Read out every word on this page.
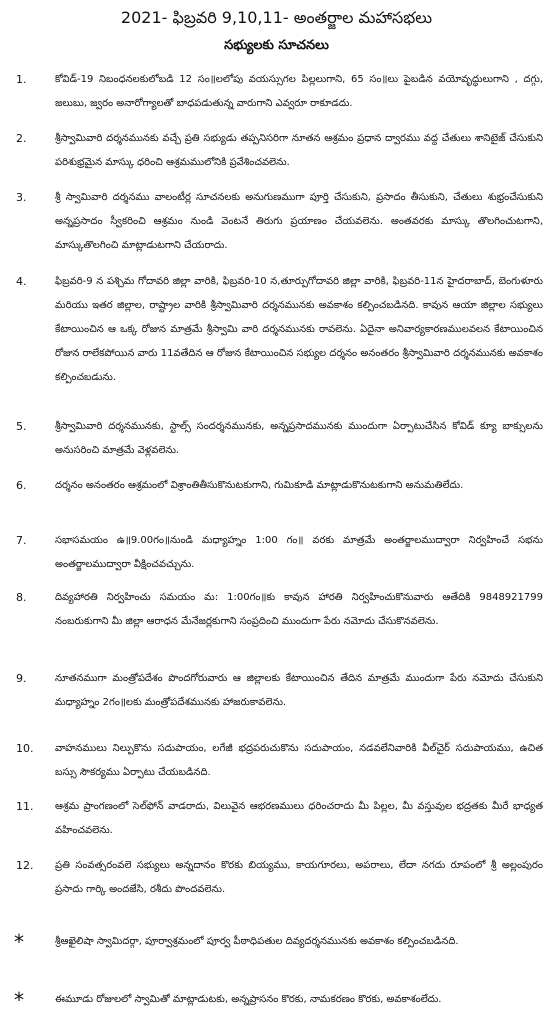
2021- ఫిబ్రవరి 9,10,11- అంతర్జాల మహాసభలు
సభ్యులకు సూచనలు
1.	కోవిడ్-19 నిబంధనలకులోబడి 12 సం॥లలోపు వయస్సుగల పిల్లలుగాని, 65 సం॥లు పైబడిన వయోవృద్ధులుగాని , దగ్గు, జలుబు, జ్వరం అనారోగ్యాలతో బాధపడుతున్న వారుగాని ఎవ్వరూ రాకూడదు.
2.	శ్రీస్వామివారి దర్శనమునకు వచ్చే ప్రతి సభ్యుడు తప్పనిసరిగా నూతన ఆశ్రమం ప్రధాన ద్వారము వద్ద చేతులు శానిటైజ్ చేసుకుని పరిశుభ్రమైన మాస్కు ధరించి ఆశ్రమములోనికి ప్రవేశించవలెను.
3.	శ్రీ స్వామివారి దర్శనము వాలంటీర్ల సూచనలకు అనుగుణముగా పూర్తి చేసుకుని, ప్రసాదం తీసుకుని, చేతులు శుభ్రంచేసుకుని అన్నప్రసాదం స్వీకరించి ఆశ్రమం నుండి వెంటనే తిరుగు ప్రయాణం చేయవలెను. అంతవరకు మాస్కు తొలగించుటగాని, మాస్కుతొలగించి మాట్లాడుటగాని చేయరాదు.
4.	ఫిబ్రవరి-9 న పశ్చిమ గోదావరి జిల్లా వారికి, ఫిబ్రవరి-10 న,తూర్పుగోదావరి జిల్లా వారికి, ఫిబ్రవరి-11న హైదరాబాద్, బెంగుళూరు మరియు ఇతర జిల్లాల, రాష్ట్రాల వారికి శ్రీస్వామివారి దర్శనమునకు అవకాశం కల్పించబడినది. కావున ఆయా జిల్లాల సభ్యులు కేటాయించిన ఆ ఒక్క రోజున మాత్రమే శ్రీస్వామి వారి దర్శనమునకు రావలెను. ఏదైనా అనివార్యకారణములవలన కేటాయించిన రోజున రాలేకపోయిన వారు 11వతేదిన ఆ రోజున కేటాయించిన సభ్యుల దర్శనం అనంతరం శ్రీస్వామివారి దర్శనమునకు అవకాశం కల్పించబడును.
5.	శ్రీస్వామివారి దర్శనమునకు, స్టాల్స్ సందర్శనమునకు, అన్నప్రసాదమునకు ముందుగా ఏర్పాటుచేసిన కోవిడ్ క్యూ బాక్సులను అనుసరించి మాత్రమే వెళ్లవలెను.
6.	దర్శనం అనంతరం ఆశ్రమంలో విశ్రాంతితీసుకొనుటకుగాని, గుమికూడి మాట్లాడుకొనుటకుగాని అనుమతిలేదు.
7.	సభాసమయం ఉ॥9.00గం॥నుండి మధ్యాహ్నం 1:00 గం॥ వరకు మాత్రమే అంతర్జాలముద్వారా నిర్వహించే సభను అంతర్జాలముద్వారా వీక్షించవచ్చును.
8.	దివ్యహారతి నిర్వహించు సమయం మ: 1:00గం॥కు కావున హారతి నిర్వహించుకొనువారు ఆతేదికి 9848921799 నంబరుకుగాని మీ జిల్లా ఆరాధన మేనేజర్లకుగాని సంప్రదించి ముందుగా పేరు నమోదు చేసుకొనవలెను.
9.	నూతనముగా మంత్రోపదేశం పొందగోరువారు ఆ జిల్లాలకు కేటాయించిన తేదిన మాత్రమే ముందుగా పేరు నమోదు చేసుకుని మధ్యాహ్నం 2గం॥లకు మంత్రోపదేశమునకు హాజరుకావలెను.
10.	వాహనములు నిల్పుకొను సదుపాయం, లగేజీ భద్రపరుచుకొను సదుపాయం, నడవలేనివారికి వీల్‌చైర్ సదుపాయము, ఉచిత బస్సు సౌకర్యము ఏర్పాటు చేయబడినది.
11.	ఆశ్రమ ప్రాంగణంలో సెల్‌ఫోన్ వాడరాదు, విలువైన ఆభరణములు ధరించరాదు మీ పిల్లల, మీ వస్తువుల భద్రతకు మీరే భాధ్యత వహించవలెను.
12.	ప్రతి సంవత్సరంవలె సభ్యులు అన్నదానం కొరకు బియ్యము, కాయగూరలు, అపరాలు, లేదా నగదు రూపంలో శ్రీ అల్లంపురం ప్రసాదు గార్కి అందజేసి, రశీదు పొందవలెను.
*	శ్రీఆఖైలిషా స్వామిదర్గా, పూర్వాశ్రమంలో పూర్వ పీఠాధిపతుల దివ్యదర్శనమునకు అవకాశం కల్పించబడినది.
*	ఈమూడు రోజులలో స్వామితో మాట్లాడుటకు, అన్నప్రాసనం కొరకు, నామకరణం కొరకు, అవకాశంలేదు.
